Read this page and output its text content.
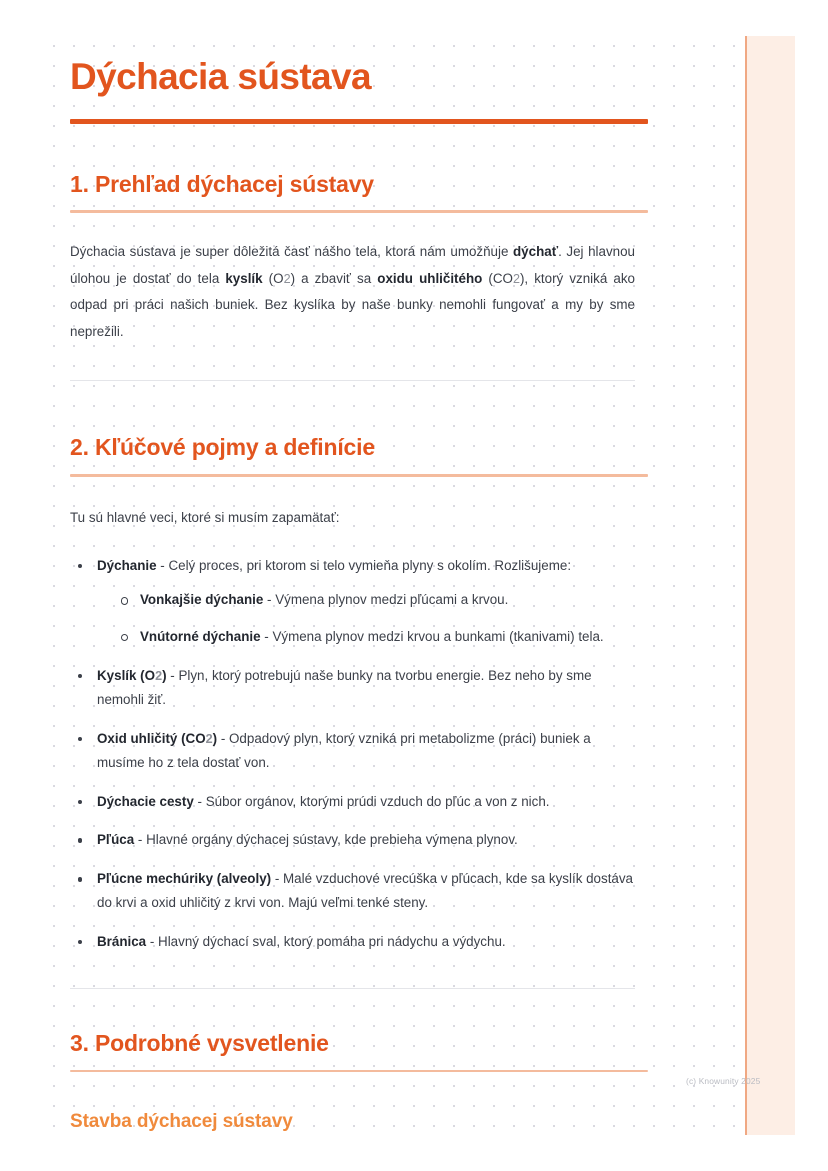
Dýchacia sústava
1. Prehľad dýchacej sústavy

Dýchacia sústava je super dôležitá časť nášho tela, ktorá nám umožňuje dýchať. Jej hlavnou úlohou je dostať do tela kyslík (O2) a zbaviť sa oxidu uhličitého (CO2), ktorý vzniká ako odpad pri práci našich buniek. Bez kyslíka by naše bunky nemohli fungovať a my by sme neprežili.

2. Kľúčové pojmy a definície

Tu sú hlavné veci, ktoré si musím zapamätať:

Dýchanie - Celý proces, pri ktorom si telo vymieňa plyny s okolím. Rozlišujeme:
Vonkajšie dýchanie - Výmena plynov medzi pľúcami a krvou.
Vnútorné dýchanie - Výmena plynov medzi krvou a bunkami (tkanivami) tela.
Kyslík (O2) - Plyn, ktorý potrebujú naše bunky na tvorbu energie. Bez neho by sme nemohli žiť.
Oxid uhličitý (CO2) - Odpadový plyn, ktorý vzniká pri metabolizme (práci) buniek a musíme ho z tela dostať von.
Dýchacie cesty - Súbor orgánov, ktorými prúdi vzduch do pľúc a von z nich.
Pľúca - Hlavné orgány dýchacej sústavy, kde prebieha výmena plynov.
Pľúcne mechúriky (alveoly) - Malé vzduchové vrecúška v pľúcach, kde sa kyslík dostáva do krvi a oxid uhličitý z krvi von. Majú veľmi tenké steny.
Bránica - Hlavný dýchací sval, ktorý pomáha pri nádychu a výdychu.
3. Podrobné vysvetlenie
Stavba dýchacej sústavy
(c) Knowunity 2025
